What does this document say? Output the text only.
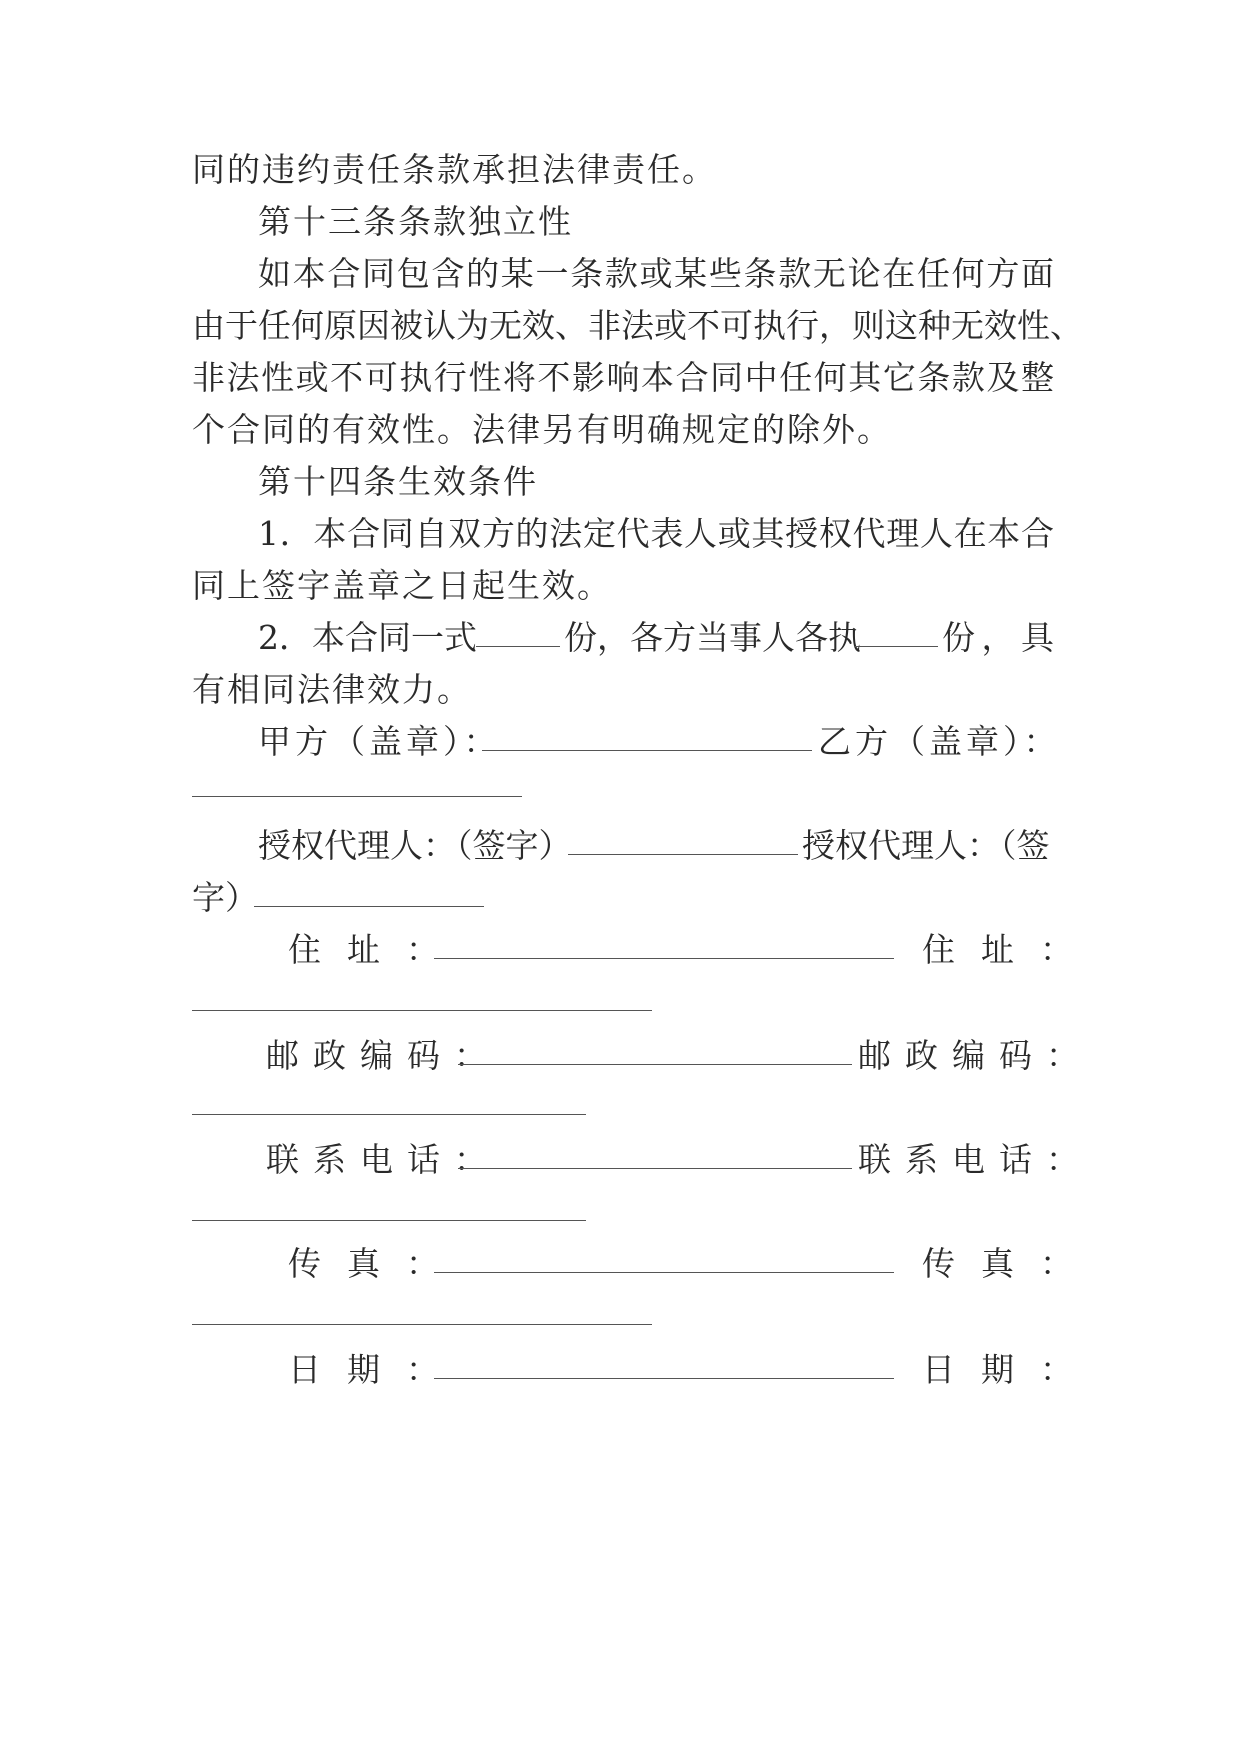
同的违约责任条款承担法律责任。
第十三条条款独立性
如本合同包含的某一条款或某些条款无论在任何方面
由于任何原因被认为无效、非法或不可执行，则这种无效性、
非法性或不可执行性将不影响本合同中任何其它条款及整
个合同的有效性。法律另有明确规定的除外。
第十四条生效条件
1．本合同自双方的法定代表人或其授权代理人在本合
同上签字盖章之日起生效。
2．本合同一式	份，各方当事人各执 份，具
有相同法律效力。
甲方（盖章）：	乙方（盖章）：
授权代理人：（签字）	授权代理人：（签
字）
住址：	住址：
邮政编码：	邮政编码：
联系电话：	联系电话：
传真：	传真：
日期：	日期：
